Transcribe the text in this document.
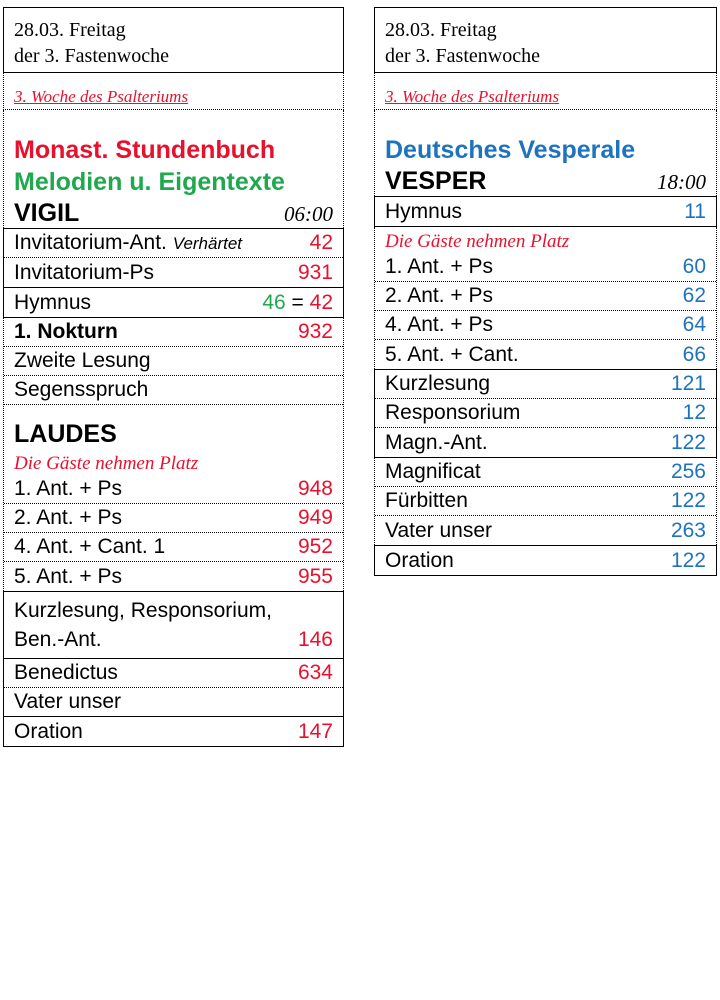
28.03. Freitag
der 3. Fastenwoche
3. Woche des Psalteriums
Monast. Stundenbuch
Melodien u. Eigentexte
VIGIL	06:00
Invitatorium-Ant. Verhärtet	42
Invitatorium-Ps	931
Hymnus	46 = 42
1. Nokturn	932
Zweite Lesung
Segensspruch
LAUDES
Die Gäste nehmen Platz
1. Ant. + Ps	948
2. Ant. + Ps	949
4. Ant. + Cant. 1	952
5. Ant. + Ps	955
Kurzlesung, Responsorium,
Ben.-Ant.	146
Benedictus	634
Vater unser
Oration	147
28.03. Freitag
der 3. Fastenwoche
3. Woche des Psalteriums
Deutsches Vesperale
VESPER	18:00
Hymnus	11
Die Gäste nehmen Platz
1. Ant. + Ps	60
2. Ant. + Ps	62
4. Ant. + Ps	64
5. Ant. + Cant.	66
Kurzlesung	121
Responsorium	12
Magn.-Ant.	122
Magnificat	256
Fürbitten	122
Vater unser	263
Oration	122
